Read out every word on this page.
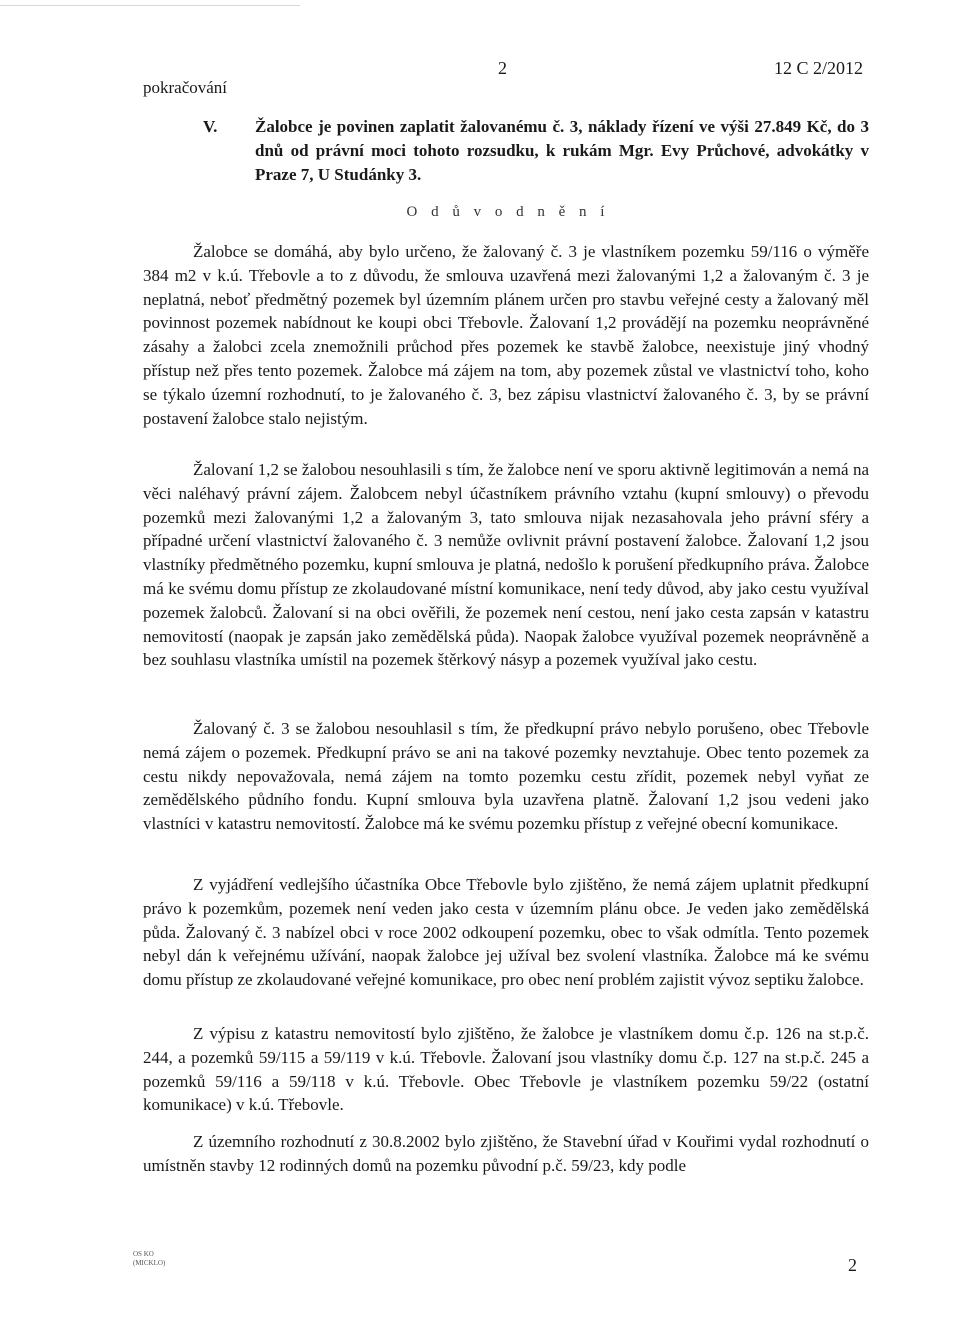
pokračování
2	12 C 2/2012
V.	Žalobce je povinen zaplatit žalovanému č. 3, náklady řízení ve výši 27.849 Kč, do 3 dnů od právní moci tohoto rozsudku, k rukám Mgr. Evy Průchové, advokátky v Praze 7, U Studánky 3.
O d ů v o d n ě n í

Žalobce se domáhá, aby bylo určeno, že žalovaný č. 3 je vlastníkem pozemku 59/116 o výměře 384 m2 v k.ú. Třebovle a to z důvodu, že smlouva uzavřená mezi žalovanými 1,2 a žalovaným č. 3 je neplatná, neboť předmětný pozemek byl územním plánem určen pro stavbu veřejné cesty a žalovaný měl povinnost pozemek nabídnout ke koupi obci Třebovle. Žalovaní 1,2 provádějí na pozemku neoprávněné zásahy a žalobci zcela znemožnili průchod přes pozemek ke stavbě žalobce, neexistuje jiný vhodný přístup než přes tento pozemek. Žalobce má zájem na tom, aby pozemek zůstal ve vlastnictví toho, koho se týkalo územní rozhodnutí, to je žalovaného č. 3, bez zápisu vlastnictví žalovaného č. 3, by se právní postavení žalobce stalo nejistým.

Žalovaní 1,2 se žalobou nesouhlasili s tím, že žalobce není ve sporu aktivně legitimován a nemá na věci naléhavý právní zájem. Žalobcem nebyl účastníkem právního vztahu (kupní smlouvy) o převodu pozemků mezi žalovanými 1,2 a žalovaným 3, tato smlouva nijak nezasahovala jeho právní sféry a případné určení vlastnictví žalovaného č. 3 nemůže ovlivnit právní postavení žalobce. Žalovaní 1,2 jsou vlastníky předmětného pozemku, kupní smlouva je platná, nedošlo k porušení předkupního práva. Žalobce má ke svému domu přístup ze zkolaudované místní komunikace, není tedy důvod, aby jako cestu využíval pozemek žalobců. Žalovaní si na obci ověřili, že pozemek není cestou, není jako cesta zapsán v katastru nemovitostí (naopak je zapsán jako zemědělská půda). Naopak žalobce využíval pozemek neoprávněně a bez souhlasu vlastníka umístil na pozemek štěrkový násyp a pozemek využíval jako cestu.

Žalovaný č. 3 se žalobou nesouhlasil s tím, že předkupní právo nebylo porušeno, obec Třebovle nemá zájem o pozemek. Předkupní právo se ani na takové pozemky nevztahuje. Obec tento pozemek za cestu nikdy nepovažovala, nemá zájem na tomto pozemku cestu zřídit, pozemek nebyl vyňat ze zemědělského půdního fondu. Kupní smlouva byla uzavřena platně. Žalovaní 1,2 jsou vedeni jako vlastníci v katastru nemovitostí. Žalobce má ke svému pozemku přístup z veřejné obecní komunikace.

Z vyjádření vedlejšího účastníka Obce Třebovle bylo zjištěno, že nemá zájem uplatnit předkupní právo k pozemkům, pozemek není veden jako cesta v územním plánu obce. Je veden jako zemědělská půda. Žalovaný č. 3 nabízel obci v roce 2002 odkoupení pozemku, obec to však odmítla. Tento pozemek nebyl dán k veřejnému užívání, naopak žalobce jej užíval bez svolení vlastníka. Žalobce má ke svému domu přístup ze zkolaudované veřejné komunikace, pro obec není problém zajistit vývoz septiku žalobce.

Z výpisu z katastru nemovitostí bylo zjištěno, že žalobce je vlastníkem domu č.p. 126 na st.p.č. 244, a pozemků 59/115 a 59/119 v k.ú. Třebovle. Žalovaní jsou vlastníky domu č.p. 127 na st.p.č. 245 a pozemků 59/116 a 59/118 v k.ú. Třebovle. Obec Třebovle je vlastníkem pozemku 59/22 (ostatní komunikace) v k.ú. Třebovle.

Z územního rozhodnutí z 30.8.2002 bylo zjištěno, že Stavební úřad v Kouřimi vydal rozhodnutí o umístněn stavby 12 rodinných domů na pozemku původní p.č. 59/23, kdy podle

OS KO
(MICKLO)	2
